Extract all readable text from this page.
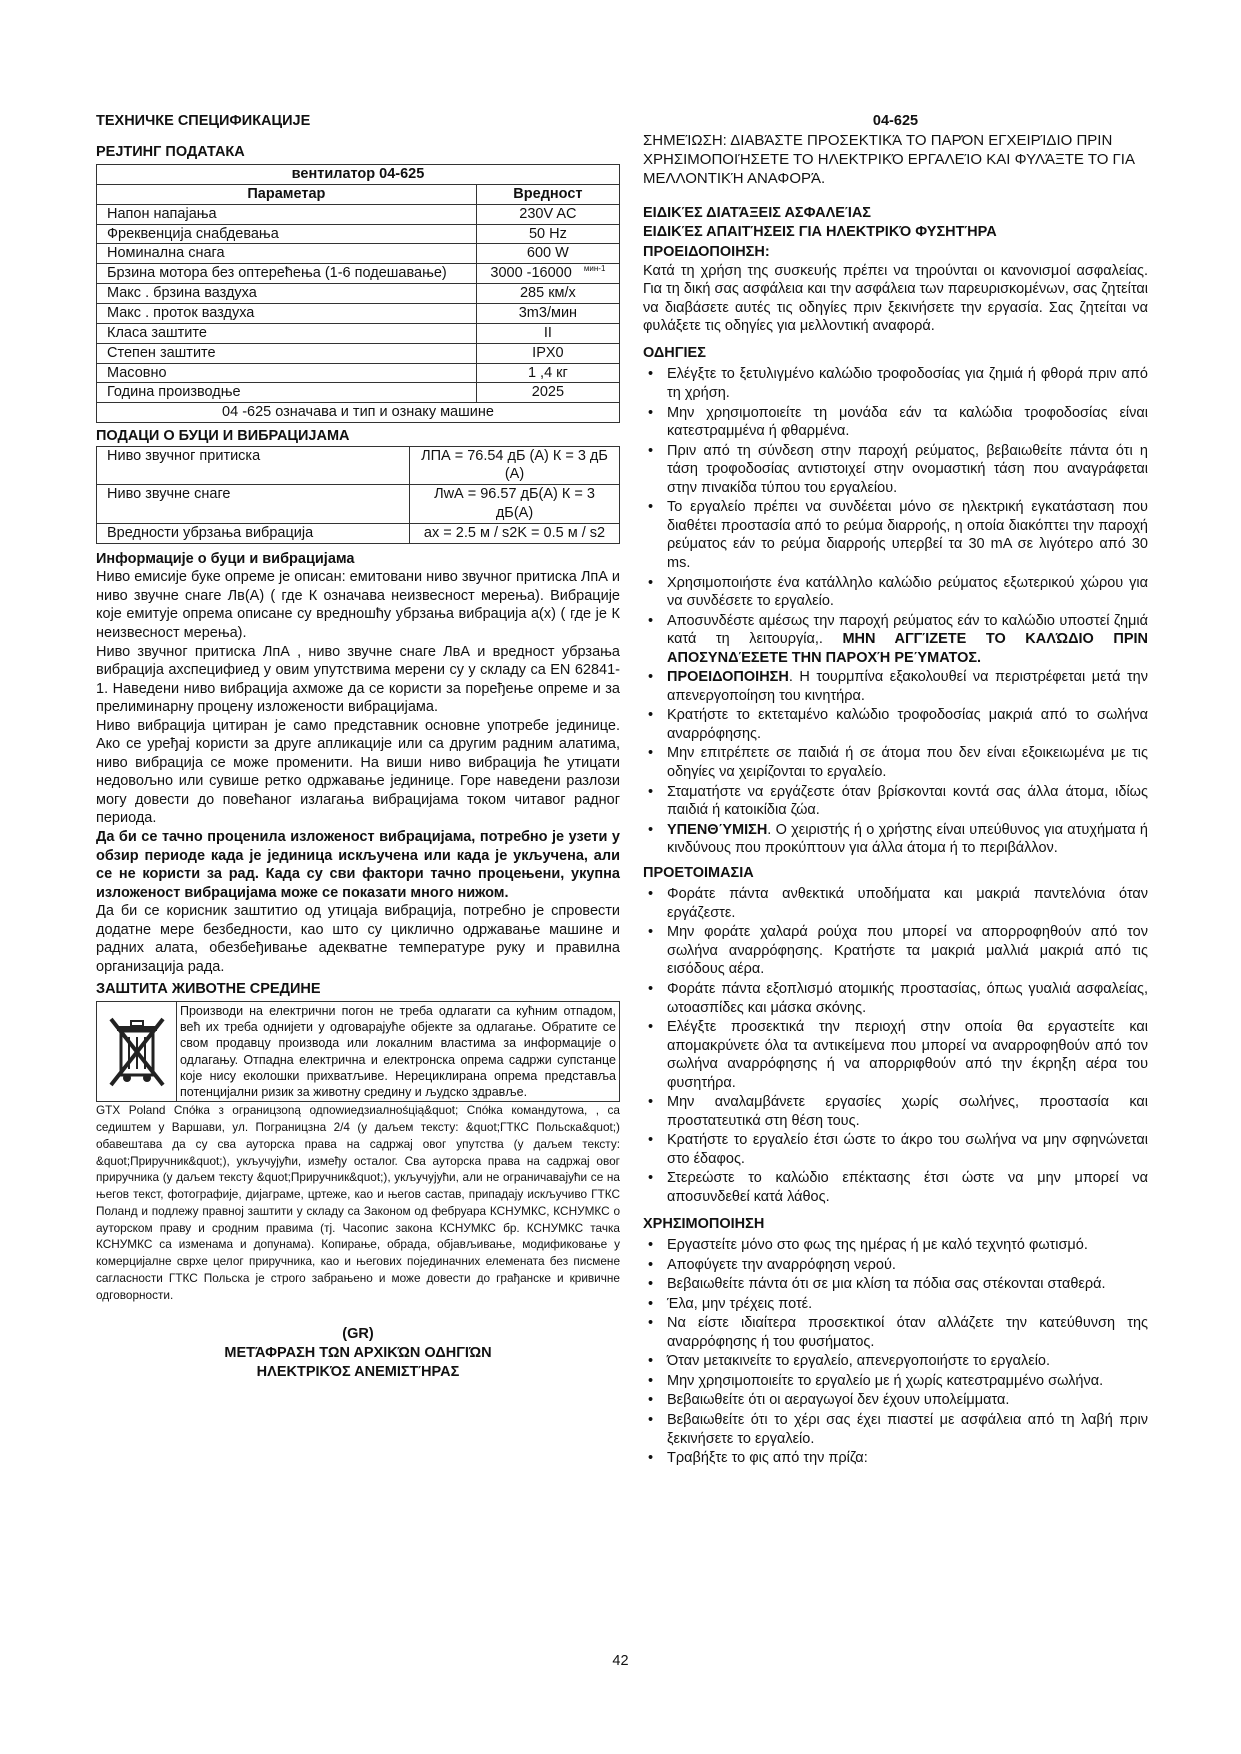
ТЕХНИЧКЕ СПЕЦИФИКАЦИЈЕ
РЕЈТИНГ ПОДАТАКА
вентилатор 04-625	
Параметар	Вредност
Напон напајања	230V AC
Фреквенција снабдевања	50 Hz
Номинална снага	600 W
Брзина мотора без оптерећења (1-6 подешавање)	3000 -16000 $^{мин-1}$
Макс . брзина ваздуха	285 км/х
Макс . проток ваздуха	3m3/мин
Класа заштите	II
Степен заштите	IPX0
Масовно	1 ,4 кг
Година производње	2025
04 -625 означава и тип и ознаку машине	
ПОДАЦИ О БУЦИ И ВИБРАЦИЈАМА
Ниво звучног притиска	ЛПА = 76.54 дБ (А) К = 3 дБ (А)
Ниво звучне снаге	ЛwА = 96.57 дБ(А) К = 3 дБ(А)
Вредности убрзања вибрација	ах = 2.5 м / s2K = 0.5 м / s2
Информације о буци и вибрацијама

Ниво емисије буке опреме је описан: емитовани ниво звучног притиска ЛпА и ниво звучне снаге Лв(А) ( где К означава неизвесност мерења). Вибрације које емитује опрема описане су вредношћу убрзања вибрација а(х) ( где је К неизвесност мерења).

Ниво звучног притиска ЛпА , ниво звучне снаге ЛвА и вредност убрзања вибрација ахспецифиед у овим упутствима мерени су у складу са EN 62841-1. Наведени ниво вибрација ахможе да се користи за поређење опреме и за прелиминарну процену изложености вибрацијама.

Ниво вибрација цитиран је само представник основне употребе јединице. Ако се уређај користи за друге апликације или са другим радним алатима, ниво вибрација се може променити. На виши ниво вибрација ће утицати недовољно или сувише ретко одржавање јединице. Горе наведени разлози могу довести до повећаног излагања вибрацијама током читавог радног периода.

Да би се тачно проценила изложеност вибрацијама, потребно је узети у обзир периоде када је јединица искључена или када је укључена, али се не користи за рад. Када су сви фактори тачно процењени, укупна изложеност вибрацијама може се показати много нижом.

Да би се корисник заштитио од утицаја вибрација, потребно је спровести додатне мере безбедности, као што су циклично одржавање машине и радних алата, обезбеђивање адекватне температуре руку и правилна организација рада.

ЗАШТИТА ЖИВОТНЕ СРЕДИНЕ
Производи на електрични погон не треба одлагати са кућним отпадом, већ их треба однијети у одговарајуће објекте за одлагање. Обратите се свом продавцу производа или локалним властима за информације о одлагању. Отпадна електрична и електронска опрема садржи супстанце које нису еколошки прихватљиве. Нерециклирана опрема представља потенцијални ризик за животну средину и људско здравље.

GTX Poland Спółка з ограницзоną одпowиедзиалноśцią&quot; Спółка командутоwа, , са седиштем у Варшави, ул. Пограницзна 2/4 (у даљем тексту: &quot;ГТКС Польска&quot;) обавештава да су сва ауторска права на садржај овог упутства (у даљем тексту: &quot;Приручник&quot;), укључујући, између осталог. Сва ауторска права на садржај овог приручника (у даљем тексту &quot;Приручник&quot;), укључујући, али не ограничавајући се на његов текст, фотографије, дијаграме, цртеже, као и његов састав, припадају искључиво ГТКС Поланд и подлежу правној заштити у складу са Законом од фебруара КСНУМКС, КСНУМКС о ауторском праву и сродним правима (тј. Часопис закона КСНУМКС бр. КСНУМКС тачка КСНУМКС са изменама и допунама). Копирање, обрада, објављивање, модификовање у комерцијалне сврхе целог приручника, као и његових појединачних елемената без писмене сагласности ГТКС Польска је строго забрањено и може довести до грађанске и кривичне одговорности.

(GR)
ΜΕΤΆΦΡΑΣΗ ΤΩΝ ΑΡΧΙΚΏΝ ΟΔΗΓΙΏΝ
ΗΛΕΚΤΡΙΚΌΣ ΑΝΕΜΙΣΤΉΡΑΣ
04-625

ΣΗΜΕΊΩΣΗ: ΔΙΑΒΆΣΤΕ ΠΡΟΣΕΚΤΙΚΆ ΤΟ ΠΑΡΌΝ ΕΓΧΕΙΡΊΔΙΟ ΠΡΙΝ ΧΡΗΣΙΜΟΠΟΙΉΣΕΤΕ ΤΟ ΗΛΕΚΤΡΙΚΌ ΕΡΓΑΛΕΊΟ ΚΑΙ ΦΥΛΆΞΤΕ ΤΟ ΓΙΑ ΜΕΛΛΟΝΤΙΚΉ ΑΝΑΦΟΡΆ.

ΕΙΔΙΚΈΣ ΔΙΑΤΆΞΕΙΣ ΑΣΦΑΛΕΊΑΣ
ΕΙΔΙΚΈΣ ΑΠΑΙΤΉΣΕΙΣ ΓΙΑ ΗΛΕΚΤΡΙΚΌ ΦΥΣΗΤΉΡΑ
ΠΡΟΕΙΔΟΠΟΙΗΣΗ:

Κατά τη χρήση της συσκευής πρέπει να τηρούνται οι κανονισμοί ασφαλείας. Για τη δική σας ασφάλεια και την ασφάλεια των παρευρισκομένων, σας ζητείται να διαβάσετε αυτές τις οδηγίες πριν ξεκινήσετε την εργασία. Σας ζητείται να φυλάξετε τις οδηγίες για μελλοντική αναφορά.

ΟΔΗΓΙΕΣ
• Ελέγξτε το ξετυλιγμένο καλώδιο τροφοδοσίας για ζημιά ή φθορά πριν από τη χρήση.
• Μην χρησιμοποιείτε τη μονάδα εάν τα καλώδια τροφοδοσίας είναι κατεστραμμένα ή φθαρμένα.
• Πριν από τη σύνδεση στην παροχή ρεύματος, βεβαιωθείτε πάντα ότι η τάση τροφοδοσίας αντιστοιχεί στην ονομαστική τάση που αναγράφεται στην πινακίδα τύπου του εργαλείου.
• Το εργαλείο πρέπει να συνδέεται μόνο σε ηλεκτρική εγκατάσταση που διαθέτει προστασία από το ρεύμα διαρροής, η οποία διακόπτει την παροχή ρεύματος εάν το ρεύμα διαρροής υπερβεί τα 30 mA σε λιγότερο από 30 ms.
• Χρησιμοποιήστε ένα κατάλληλο καλώδιο ρεύματος εξωτερικού χώρου για να συνδέσετε το εργαλείο.
• Αποσυνδέστε αμέσως την παροχή ρεύματος εάν το καλώδιο υποστεί ζημιά κατά τη λειτουργία,. ΜΗΝ ΑΓΓΊΖΕΤΕ ΤΟ ΚΑΛΏΔΙΟ ΠΡΙΝ ΑΠΟΣΥΝΔΈΣΕΤΕ ΤΗΝ ΠΑΡΟΧΉ ΡΕΎΜΑΤΟΣ.
• ΠΡΟΕΙΔΟΠΟΙΗΣΗ. Η τουρμπίνα εξακολουθεί να περιστρέφεται μετά την απενεργοποίηση του κινητήρα.
• Κρατήστε το εκτεταμένο καλώδιο τροφοδοσίας μακριά από το σωλήνα αναρρόφησης.
• Μην επιτρέπετε σε παιδιά ή σε άτομα που δεν είναι εξοικειωμένα με τις οδηγίες να χειρίζονται το εργαλείο.
• Σταματήστε να εργάζεστε όταν βρίσκονται κοντά σας άλλα άτομα, ιδίως παιδιά ή κατοικίδια ζώα.
• ΥΠΕΝΘΎΜΙΣΗ. Ο χειριστής ή ο χρήστης είναι υπεύθυνος για ατυχήματα ή κινδύνους που προκύπτουν για άλλα άτομα ή το περιβάλλον.
ΠΡΟΕΤΟΙΜΑΣΙΑ
• Φοράτε πάντα ανθεκτικά υποδήματα και μακριά παντελόνια όταν εργάζεστε.
• Μην φοράτε χαλαρά ρούχα που μπορεί να απορροφηθούν από τον σωλήνα αναρρόφησης. Κρατήστε τα μακριά μαλλιά μακριά από τις εισόδους αέρα.
• Φοράτε πάντα εξοπλισμό ατομικής προστασίας, όπως γυαλιά ασφαλείας, ωτοασπίδες και μάσκα σκόνης.
• Ελέγξτε προσεκτικά την περιοχή στην οποία θα εργαστείτε και απομακρύνετε όλα τα αντικείμενα που μπορεί να αναρροφηθούν από τον σωλήνα αναρρόφησης ή να απορριφθούν από την έκρηξη αέρα του φυσητήρα.
• Μην αναλαμβάνετε εργασίες χωρίς σωλήνες, προστασία και προστατευτικά στη θέση τους.
• Κρατήστε το εργαλείο έτσι ώστε το άκρο του σωλήνα να μην σφηνώνεται στο έδαφος.
• Στερεώστε το καλώδιο επέκτασης έτσι ώστε να μην μπορεί να αποσυνδεθεί κατά λάθος.
ΧΡΗΣΙΜΟΠΟΙΗΣΗ
• Εργαστείτε μόνο στο φως της ημέρας ή με καλό τεχνητό φωτισμό.
• Αποφύγετε την αναρρόφηση νερού.
• Βεβαιωθείτε πάντα ότι σε μια κλίση τα πόδια σας στέκονται σταθερά.
• Έλα, μην τρέχεις ποτέ.
• Να είστε ιδιαίτερα προσεκτικοί όταν αλλάζετε την κατεύθυνση της αναρρόφησης ή του φυσήματος.
• Όταν μετακινείτε το εργαλείο, απενεργοποιήστε το εργαλείο.
• Μην χρησιμοποιείτε το εργαλείο με ή χωρίς κατεστραμμένο σωλήνα.
• Βεβαιωθείτε ότι οι αεραγωγοί δεν έχουν υπολείμματα.
• Βεβαιωθείτε ότι το χέρι σας έχει πιαστεί με ασφάλεια από τη λαβή πριν ξεκινήσετε το εργαλείο.
• Τραβήξτε το φις από την πρίζα:
42
